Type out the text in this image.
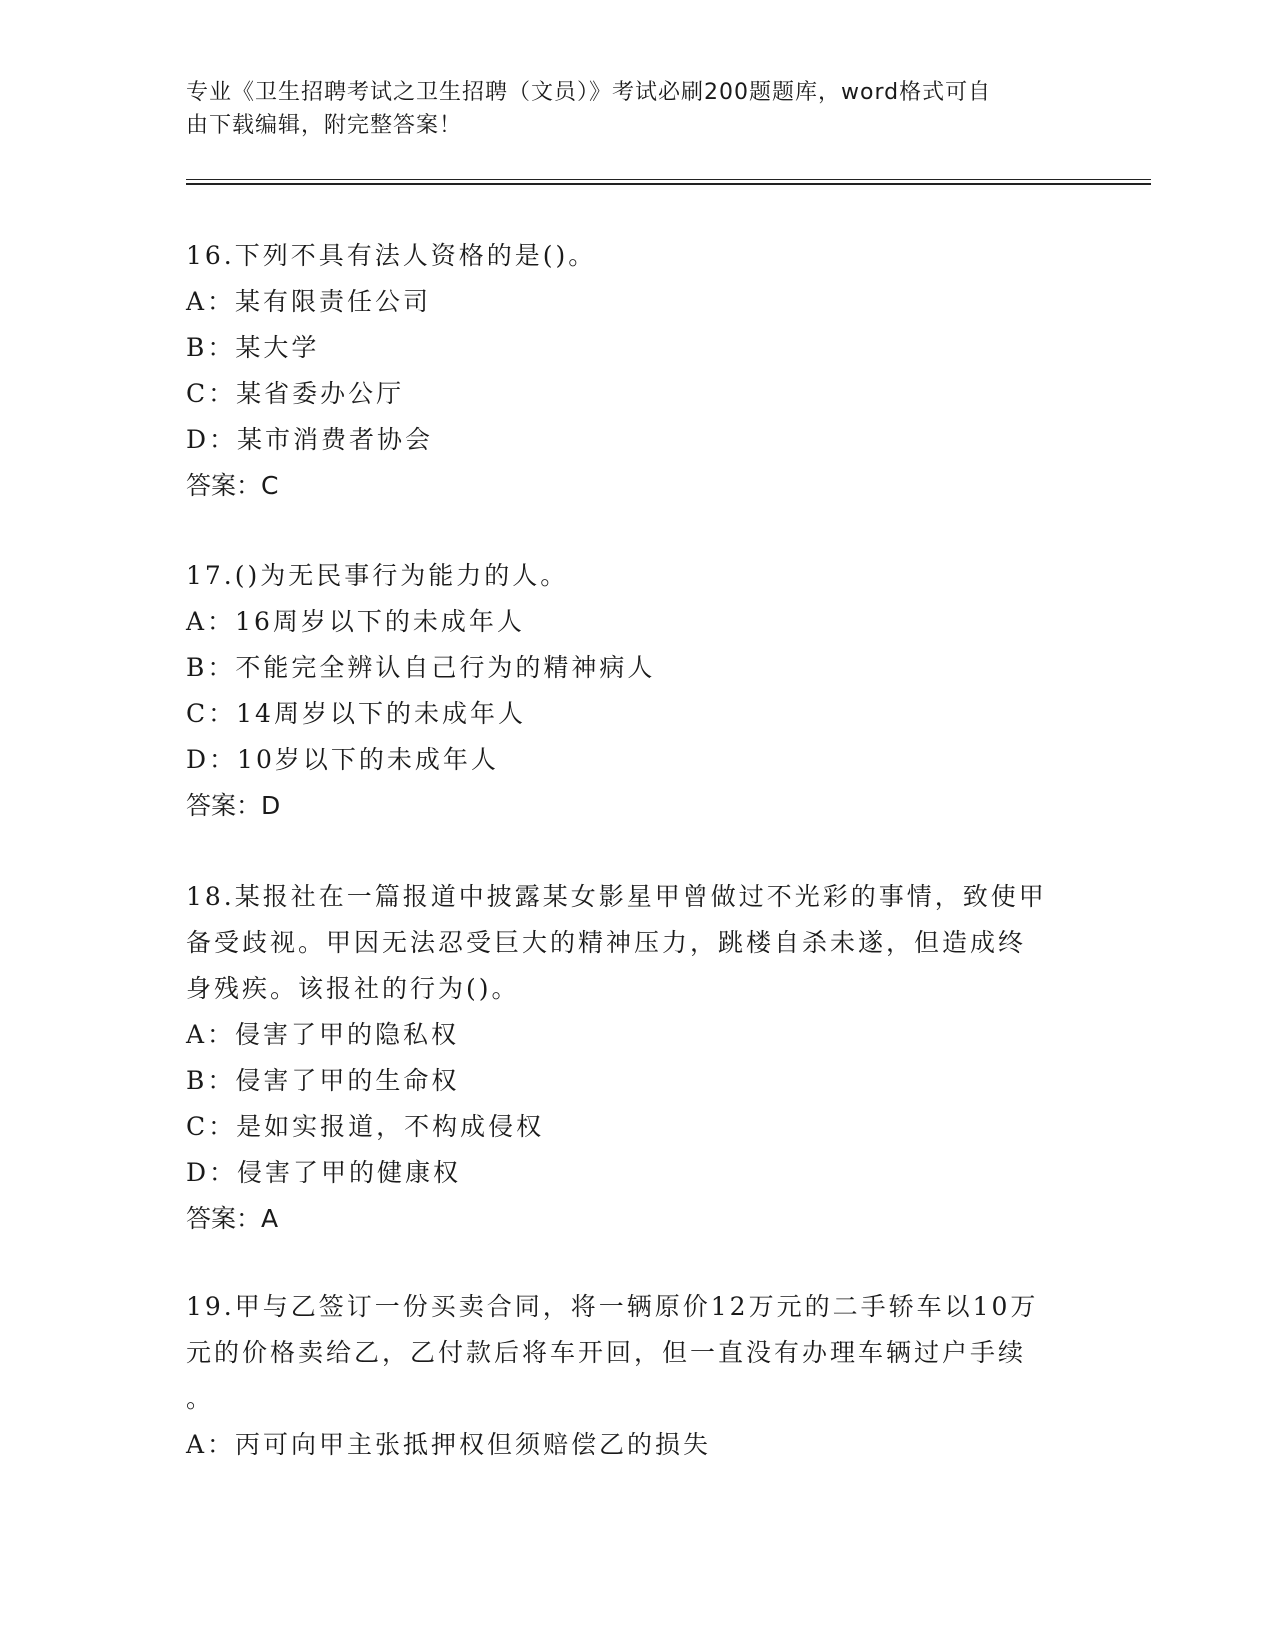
专业《卫生招聘考试之卫生招聘（文员）》考试必刷200题题库，word格式可自

由下载编辑，附完整答案！

16.下列不具有法人资格的是()。
A：某有限责任公司
B：某大学
C：某省委办公厅
D：某市消费者协会
答案：C
17.()为无民事行为能力的人。
A：16周岁以下的未成年人
B：不能完全辨认自己行为的精神病人
C：14周岁以下的未成年人
D：10岁以下的未成年人
答案：D
18.某报社在一篇报道中披露某女影星甲曾做过不光彩的事情，致使甲
备受歧视。甲因无法忍受巨大的精神压力，跳楼自杀未遂，但造成终
身残疾。该报社的行为()。
A：侵害了甲的隐私权
B：侵害了甲的生命权
C：是如实报道，不构成侵权
D：侵害了甲的健康权
答案：A
19.甲与乙签订一份买卖合同，将一辆原价12万元的二手轿车以10万
元的价格卖给乙，乙付款后将车开回，但一直没有办理车辆过户手续
。
A：丙可向甲主张抵押权但须赔偿乙的损失
